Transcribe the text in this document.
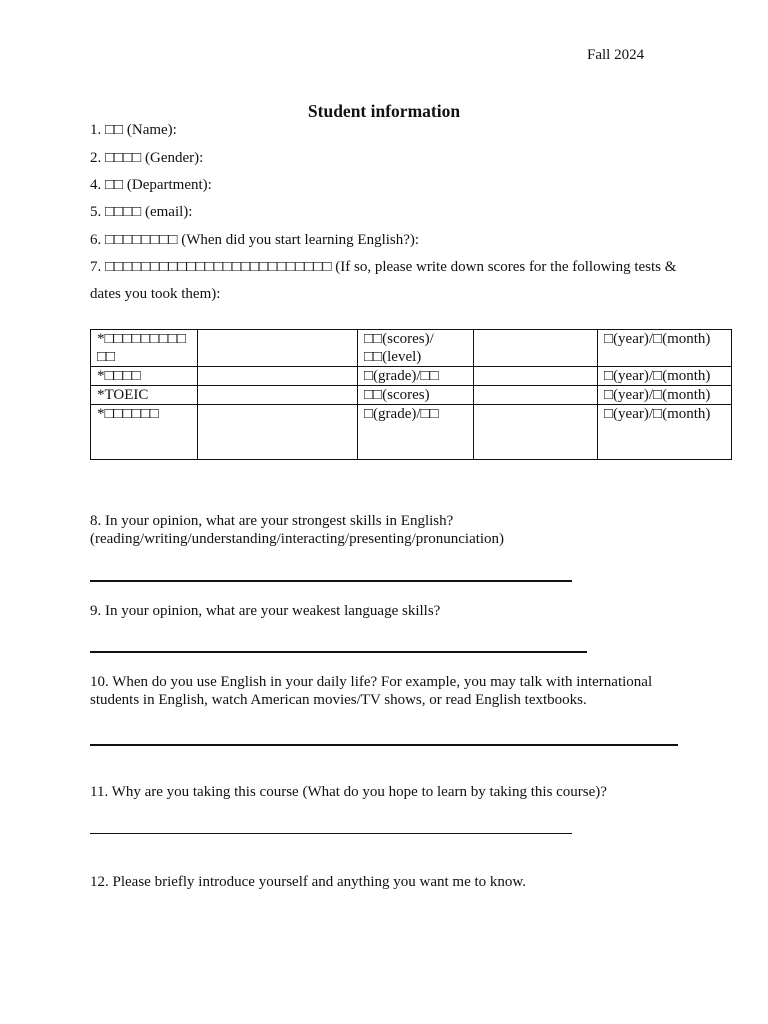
Fall 2024
Student information
1. □□ (Name):
2. □□□□ (Gender):
4. □□ (Department):
5. □□□□ (email):
6. □□□□□□□□ (When did you start learning English?):
7. □□□□□□□□□□□□□□□□□□□□□□□□□ (If so, please write down scores for the following tests &
dates you took them):
*□□□□□□□□□ □□		□□(scores)/ □□(level)		□(year)/□(month)
*□□□□		□(grade)/□□		□(year)/□(month)
*TOEIC		□□(scores)		□(year)/□(month)
*□□□□□□		□(grade)/□□		□(year)/□(month)
8. In your opinion, what are your strongest skills in English? (reading/writing/understanding/interacting/presenting/pronunciation)
9. In your opinion, what are your weakest language skills?
10. When do you use English in your daily life? For example, you may talk with international students in English, watch American movies/TV shows, or read English textbooks.
11. Why are you taking this course (What do you hope to learn by taking this course)?
12. Please briefly introduce yourself and anything you want me to know.
